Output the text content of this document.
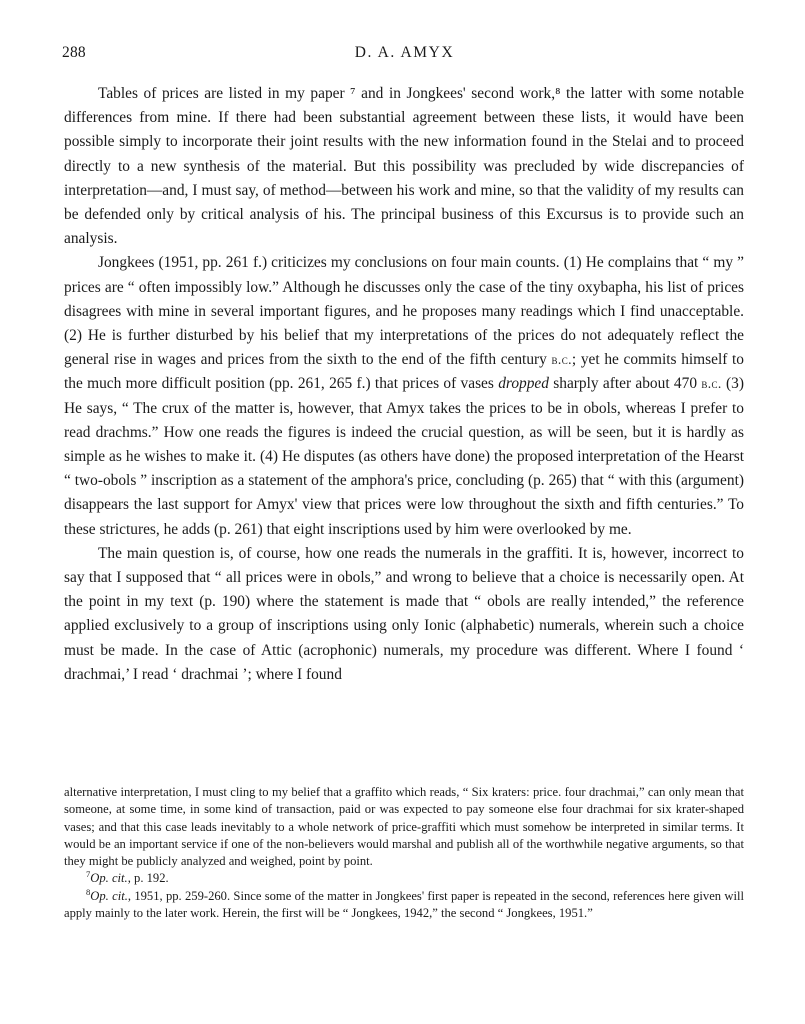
288	D. A. AMYX

Tables of prices are listed in my paper ⁷ and in Jongkees' second work,⁸ the latter with some notable differences from mine. If there had been substantial agreement between these lists, it would have been possible simply to incorporate their joint results with the new information found in the Stelai and to proceed directly to a new synthesis of the material. But this possibility was precluded by wide discrepancies of interpretation—and, I must say, of method—between his work and mine, so that the validity of my results can be defended only by critical analysis of his. The principal business of this Excursus is to provide such an analysis.

Jongkees (1951, pp. 261 f.) criticizes my conclusions on four main counts. (1) He complains that “ my ” prices are “ often impossibly low.” Although he discusses only the case of the tiny oxybapha, his list of prices disagrees with mine in several important figures, and he proposes many readings which I find unacceptable. (2) He is further disturbed by his belief that my interpretations of the prices do not adequately reflect the general rise in wages and prices from the sixth to the end of the fifth century b.c.; yet he commits himself to the much more difficult position (pp. 261, 265 f.) that prices of vases dropped sharply after about 470 b.c. (3) He says, “ The crux of the matter is, however, that Amyx takes the prices to be in obols, whereas I prefer to read drachms.” How one reads the figures is indeed the crucial question, as will be seen, but it is hardly as simple as he wishes to make it. (4) He disputes (as others have done) the proposed interpretation of the Hearst “ two-obols ” inscription as a statement of the amphora's price, concluding (p. 265) that “ with this (argument) disappears the last support for Amyx' view that prices were low throughout the sixth and fifth centuries.” To these strictures, he adds (p. 261) that eight inscriptions used by him were overlooked by me.

The main question is, of course, how one reads the numerals in the graffiti. It is, however, incorrect to say that I supposed that “ all prices were in obols,” and wrong to believe that a choice is necessarily open. At the point in my text (p. 190) where the statement is made that “ obols are really intended,” the reference applied exclusively to a group of inscriptions using only Ionic (alphabetic) numerals, wherein such a choice must be made. In the case of Attic (acrophonic) numerals, my procedure was different. Where I found ‘ drachmai,’ I read ‘ drachmai ’; where I found

alternative interpretation, I must cling to my belief that a graffito which reads, “ Six kraters: price. four drachmai,” can only mean that someone, at some time, in some kind of transaction, paid or was expected to pay someone else four drachmai for six krater-shaped vases; and that this case leads inevitably to a whole network of price-graffiti which must somehow be interpreted in similar terms. It would be an important service if one of the non-believers would marshal and publish all of the worthwhile negative arguments, so that they might be publicly analyzed and weighed, point by point.

$^7$Op. cit., p. 192.

$^8$Op. cit., 1951, pp. 259-260. Since some of the matter in Jongkees' first paper is repeated in the second, references here given will apply mainly to the later work. Herein, the first will be “ Jongkees, 1942,” the second “ Jongkees, 1951.”
